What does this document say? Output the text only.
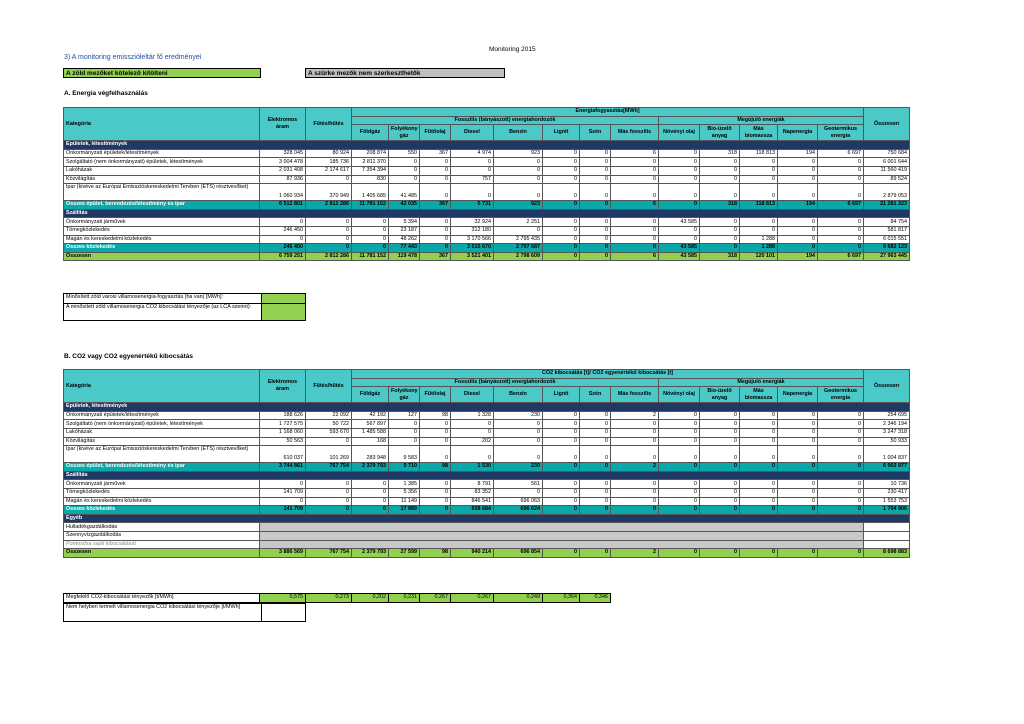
Monitoring 2015
3) A monitoring emisszióleltár fő eredményei
A zöld mezőket kötelező kitölteni	A szürke mezők nem szerkeszthetők
A. Energia végfelhasználás
Kategória	Elektromos áram	Fűtés/hűtés	Energiafogyasztás[MWh]													Összesen
			Fosszilis (bányászott) energiahordozók								Megújuló energiák					
			Földgáz	Folyékony gáz	Fűtőolaj	Diesel	Benzin	Lignit	Szén	Más fosszilis	Növényi olaj	Bio-üzelő anyag	Más biomassza	Napenergia	Geotermikus energia	
Épületek, létesítmények																
Önkormányzati épületek/létesítmények	328 045	80 924	208 874	550	367	4 974	923	0	0	6	0	318	118 813	194	6 697	750 684
Szolgáltató (nem önkormányzati) épületek, létesítmények	3 004 478	185 736	2 811 370	0	0	0	0	0	0	0	0	0	0	0	0	6 001 644
Lakóházak	2 031 408	2 174 617	7 354 394	0	0	0	0	0	0	0	0	0	0	0	0	11 560 419
Közvilágítás	87 936	0	830	0	0	757	0	0	0	0	0	0	0	0	0	89 524
Ipar (kivéve az Európai Emisszióskereskedelmi Tervben (ETS) résztvevőket)	1 060 934	370 949	1 405 685	41 485	0	0	0	0	0	0	0	0	0	0	0	2 879 053
Összes épület, berendezés/létesítmény és ipar	6 512 801	2 812 286	11 781 152	42 035	367	5 731	923	0	0	6	0	318	118 813	194	6 697	21 281 323
Szállítás																
Önkormányzati járművek	0	0	0	5 394	0	32 924	2 251	0	0	0	43 585	0	0	0	0	84 754
Tömegközlekedés	246 450	0	0	23 187	0	312 180	0	0	0	0	0	0	0	0	0	581 817
Magán és kereskedelmi közlekedés	0	0	0	48 262	0	3 170 566	2 795 435	0	0	0	0	0	1 288	0	0	6 015 551
Összes közlekedés	246 450	0	0	77 443	0	3 515 670	2 797 687	0	0	0	43 585	0	1 288	0	0	6 682 123
Összesen	6 759 251	2 812 286	11 781 152	119 478	367	3 521 401	2 798 609	0	0	6	43 585	318	120 101	194	6 697	27 963 445
Minősített zöld városi villamosenergia-fogyasztás (ha van) [MWh]:	
A minősített zöld villamosenergia CO2 kibocsátási tényezője (az LCA szerint):	
B. CO2 vagy CO2 egyenértékű kibocsátás
Kategória	Elektromos áram	Fűtés/hűtés	CO2 kibocsátás [t]/ CO2 egyenértékű kibocsátás [t]													Összesen
			Fosszilis (bányászott) energiahordozók								Megújuló energiák					
			Földgáz	Folyékony gáz	Fűtőolaj	Diesel	Benzin	Lignit	Szén	Más fosszilis	Növényi olaj	Bio-üzelő anyag	Más biomassza	Napenergia	Geotermikus energia	
Épületek, létesítmények																
Önkormányzati épületek/létesítmények	188 626	22 092	42 192	127	98	1 328	230	0	0	2	0	0	0	0	0	254 695
Szolgáltató (nem önkormányzati) épületek, létesítmények	1 727 575	50 722	567 897	0	0	0	0	0	0	0	0	0	0	0	0	2 346 194
Lakóházak	1 168 060	593 670	1 485 588	0	0	0	0	0	0	0	0	0	0	0	0	3 247 318
Közvilágítás	50 563	0	168	0	0	202	0	0	0	0	0	0	0	0	0	50 933
Ipar (kivéve az Európai Emisszióskereskedelmi Tervben (ETS) résztvevőket)	610 037	101 269	283 948	9 583	0	0	0	0	0	0	0	0	0	0	0	1 004 837
Összes épület, berendezés/létesítmény és ipar	3 744 861	767 754	2 379 793	9 710	98	1 530	230	0	0	2	0	0	0	0	0	6 903 977
Szállítás																
Önkormányzati járművek	0	0	0	1 385	0	8 791	561	0	0	0	0	0	0	0	0	10 736
Tömegközlekedés	141 709	0	0	5 356	0	83 352	0	0	0	0	0	0	0	0	0	230 417
Magán és kereskedelmi közlekedés	0	0	0	11 149	0	846 541	696 063	0	0	0	0	0	0	0	0	1 553 753
Összes közlekedés	141 709	0	0	17 889	0	938 684	696 624	0	0	0	0	0	0	0	0	1 794 906
Egyéb																
Hulladékgazdálkodás																
Szennyvízgazdálkodás																
Pontosítsa saját kibocsátását																
Összesen	3 886 569	767 754	2 379 793	27 599	98	940 214	696 854	0	0	2	0	0	0	0	0	8 698 883
Megfelelő CO2-kibocsátási tényezők [t/MWh]	0,575	0,273	0,202	0,231	0,267	0,267	0,249	0,364	0,346
Nem helyben termelt villamosenergia CO2 kibocsátási tényezője [t/MWh]	
